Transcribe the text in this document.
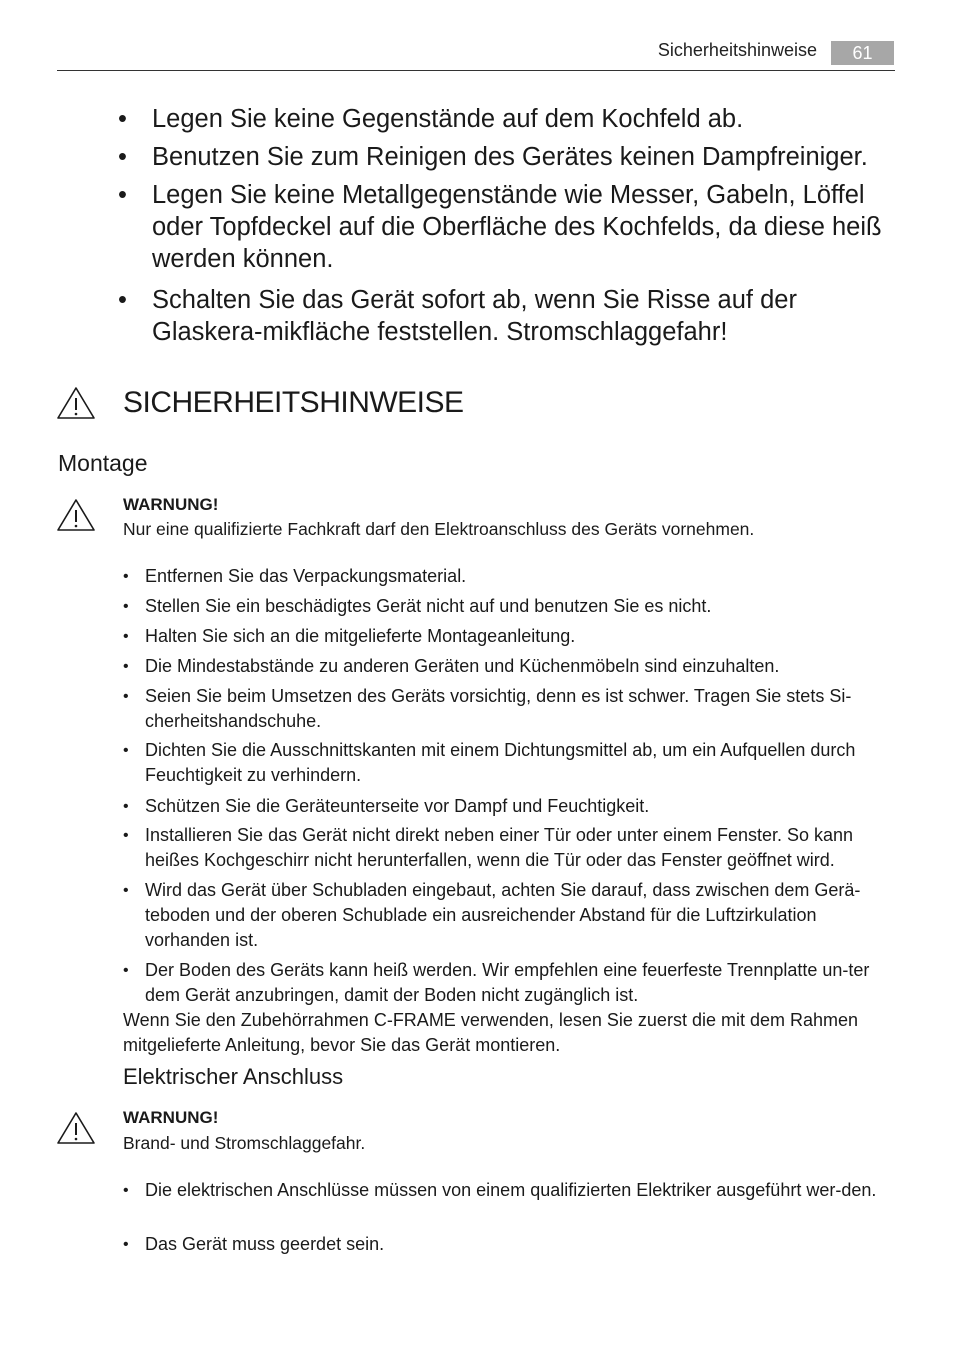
Sicherheitshinweise	61
• Legen Sie keine Gegenstände auf dem Kochfeld ab.
• Benutzen Sie zum Reinigen des Gerätes keinen Dampfreiniger.
• Legen Sie keine Metallgegenstände wie Messer, Gabeln, Löffel oder Topfdeckel auf die Oberfläche des Kochfelds, da diese heiß werden können.
• Schalten Sie das Gerät sofort ab, wenn Sie Risse auf der Glaskera-mikfläche feststellen. Stromschlaggefahr!
SICHERHEITSHINWEISE
Montage
WARNUNG!
Nur eine qualifizierte Fachkraft darf den Elektroanschluss des Geräts vornehmen.
• Entfernen Sie das Verpackungsmaterial.
• Stellen Sie ein beschädigtes Gerät nicht auf und benutzen Sie es nicht.
• Halten Sie sich an die mitgelieferte Montageanleitung.
• Die Mindestabstände zu anderen Geräten und Küchenmöbeln sind einzuhalten.
• Seien Sie beim Umsetzen des Geräts vorsichtig, denn es ist schwer. Tragen Sie stets Si-cherheitshandschuhe.
• Dichten Sie die Ausschnittskanten mit einem Dichtungsmittel ab, um ein Aufquellen durch Feuchtigkeit zu verhindern.
• Schützen Sie die Geräteunterseite vor Dampf und Feuchtigkeit.
• Installieren Sie das Gerät nicht direkt neben einer Tür oder unter einem Fenster. So kann heißes Kochgeschirr nicht herunterfallen, wenn die Tür oder das Fenster geöffnet wird.
• Wird das Gerät über Schubladen eingebaut, achten Sie darauf, dass zwischen dem Gerä-teboden und der oberen Schublade ein ausreichender Abstand für die Luftzirkulation vorhanden ist.
• Der Boden des Geräts kann heiß werden. Wir empfehlen eine feuerfeste Trennplatte un-ter dem Gerät anzubringen, damit der Boden nicht zugänglich ist.
Wenn Sie den Zubehörrahmen C-FRAME verwenden, lesen Sie zuerst die mit dem Rahmen mitgelieferte Anleitung, bevor Sie das Gerät montieren.
Elektrischer Anschluss
WARNUNG!
Brand- und Stromschlaggefahr.
• Die elektrischen Anschlüsse müssen von einem qualifizierten Elektriker ausgeführt wer-den.
• Das Gerät muss geerdet sein.
